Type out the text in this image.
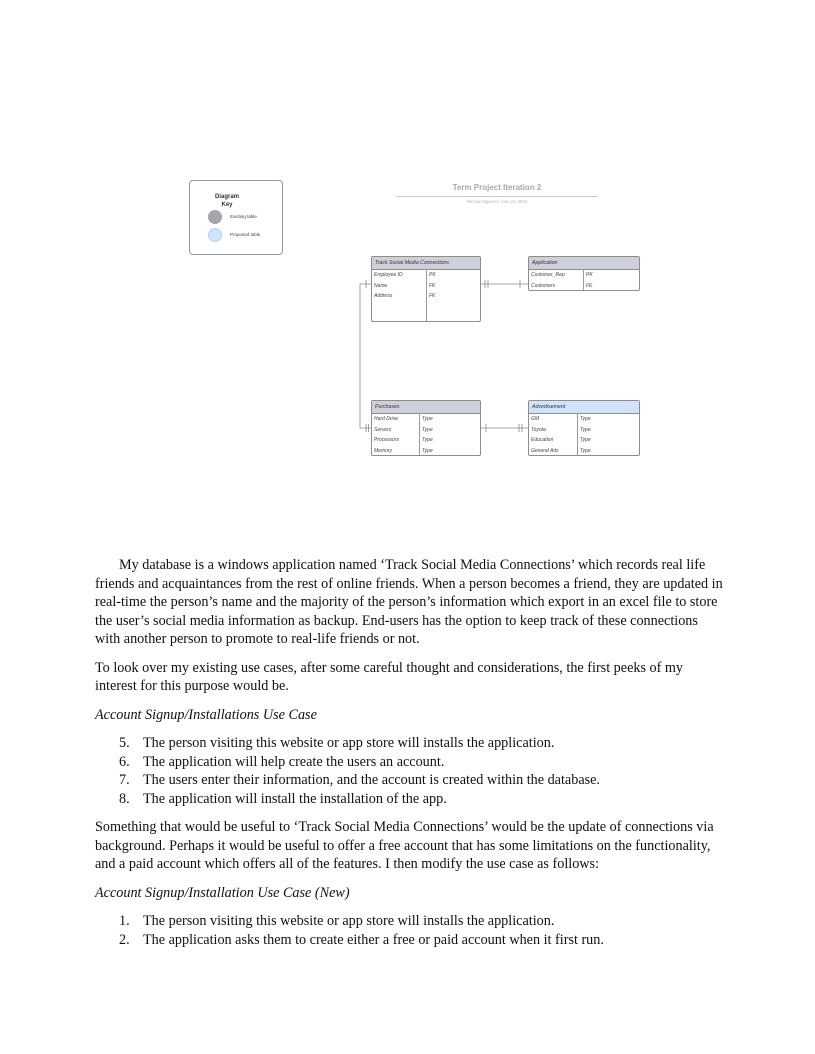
Diagram
Key
Existing table
Proposed table
Term Project Iteration 2
Michael Nguyen | June 24, 2023
Track Social Media Connections
Employee ID	PK
Name	FK
Address	FK
Application
Customer_Rep	PK
Customers	FK
Purchases
Hard Drive	Type
Servers	Type
Processors	Type
Memory	Type
Advertisement
GM	Type
Toyota	Type
Education	Type
General Ads	Type

My database is a windows application named ‘Track Social Media Connections’ which records real life friends and acquaintances from the rest of online friends. When a person becomes a friend, they are updated in real-time the person’s name and the majority of the person’s information which export in an excel file to store the user’s social media information as backup. End-users has the option to keep track of these connections with another person to promote to real-life friends or not.

To look over my existing use cases, after some careful thought and considerations, the first peeks of my interest for this purpose would be.

Account Signup/Installations Use Case

5. The person visiting this website or app store will installs the application.
6. The application will help create the users an account.
7. The users enter their information, and the account is created within the database.
8. The application will install the installation of the app.

Something that would be useful to ‘Track Social Media Connections’ would be the update of connections via background. Perhaps it would be useful to offer a free account that has some limitations on the functionality, and a paid account which offers all of the features. I then modify the use case as follows:

Account Signup/Installation Use Case (New)

1. The person visiting this website or app store will installs the application.
2. The application asks them to create either a free or paid account when it first run.
